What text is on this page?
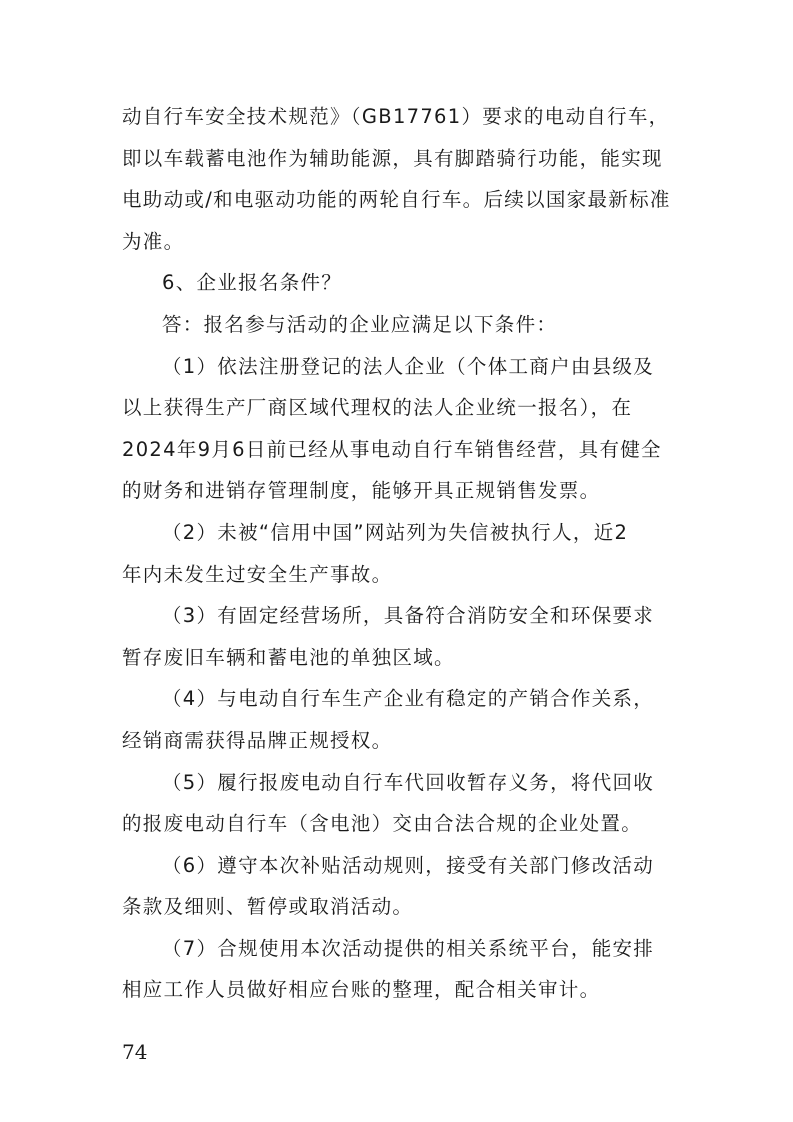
动自行车安全技术规范》（GB17761）要求的电动自行车，

即以车载蓄电池作为辅助能源，具有脚踏骑行功能，能实现

电助动或/和电驱动功能的两轮自行车。后续以国家最新标准

为准。

6、企业报名条件？

答：报名参与活动的企业应满足以下条件：

（1）依法注册登记的法人企业（个体工商户由县级及

以上获得生产厂商区域代理权的法人企业统一报名），在

2024年9月6日前已经从事电动自行车销售经营，具有健全

的财务和进销存管理制度，能够开具正规销售发票。

（2）未被“信用中国”网站列为失信被执行人，近2

年内未发生过安全生产事故。

（3）有固定经营场所，具备符合消防安全和环保要求

暂存废旧车辆和蓄电池的单独区域。

（4）与电动自行车生产企业有稳定的产销合作关系，

经销商需获得品牌正规授权。

（5）履行报废电动自行车代回收暂存义务，将代回收

的报废电动自行车（含电池）交由合法合规的企业处置。

（6）遵守本次补贴活动规则，接受有关部门修改活动

条款及细则、暂停或取消活动。

（7）合规使用本次活动提供的相关系统平台，能安排

相应工作人员做好相应台账的整理，配合相关审计。

74
